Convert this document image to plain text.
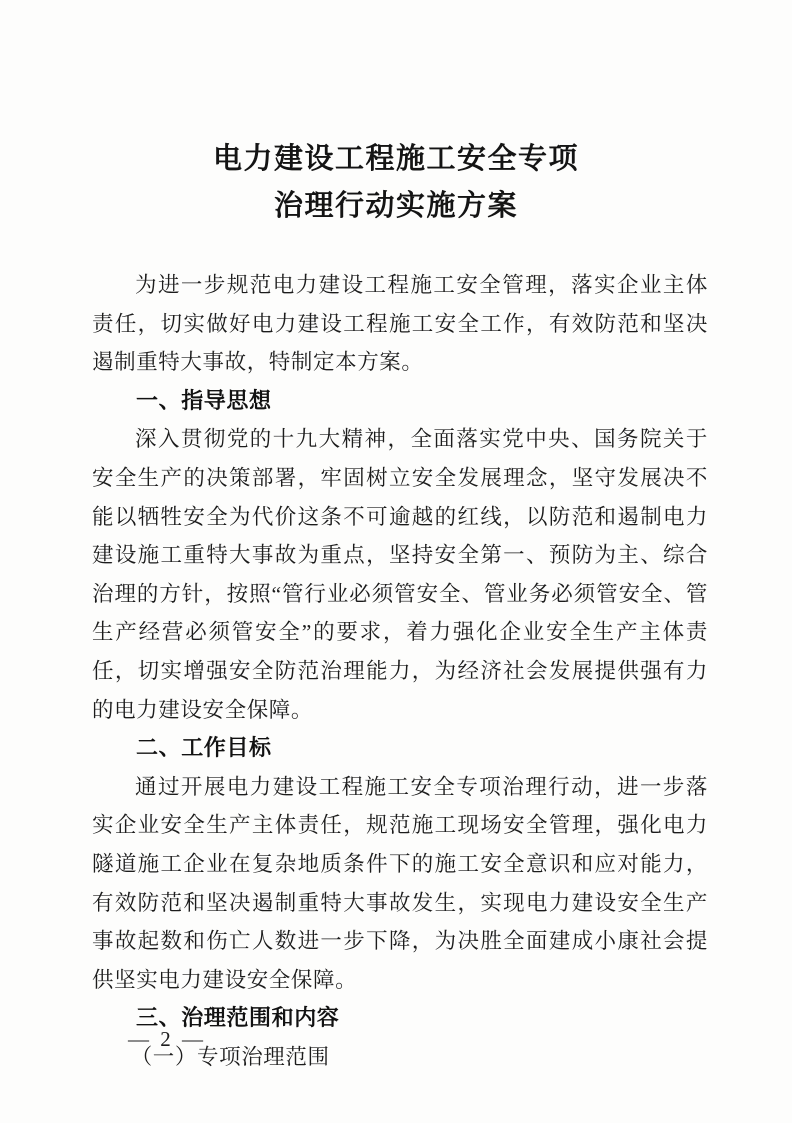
电力建设工程施工安全专项
治理行动实施方案

为进一步规范电力建设工程施工安全管理，落实企业主体责任，切实做好电力建设工程施工安全工作，有效防范和坚决遏制重特大事故，特制定本方案。

一、指导思想

深入贯彻党的十九大精神，全面落实党中央、国务院关于安全生产的决策部署，牢固树立安全发展理念，坚守发展决不能以牺牲安全为代价这条不可逾越的红线，以防范和遏制电力建设施工重特大事故为重点，坚持安全第一、预防为主、综合治理的方针，按照“管行业必须管安全、管业务必须管安全、管生产经营必须管安全”的要求，着力强化企业安全生产主体责任，切实增强安全防范治理能力，为经济社会发展提供强有力的电力建设安全保障。

二、工作目标

通过开展电力建设工程施工安全专项治理行动，进一步落实企业安全生产主体责任，规范施工现场安全管理，强化电力隧道施工企业在复杂地质条件下的施工安全意识和应对能力，有效防范和坚决遏制重特大事故发生，实现电力建设安全生产事故起数和伤亡人数进一步下降，为决胜全面建成小康社会提供坚实电力建设安全保障。

三、治理范围和内容

（一）专项治理范围

— 2 —
